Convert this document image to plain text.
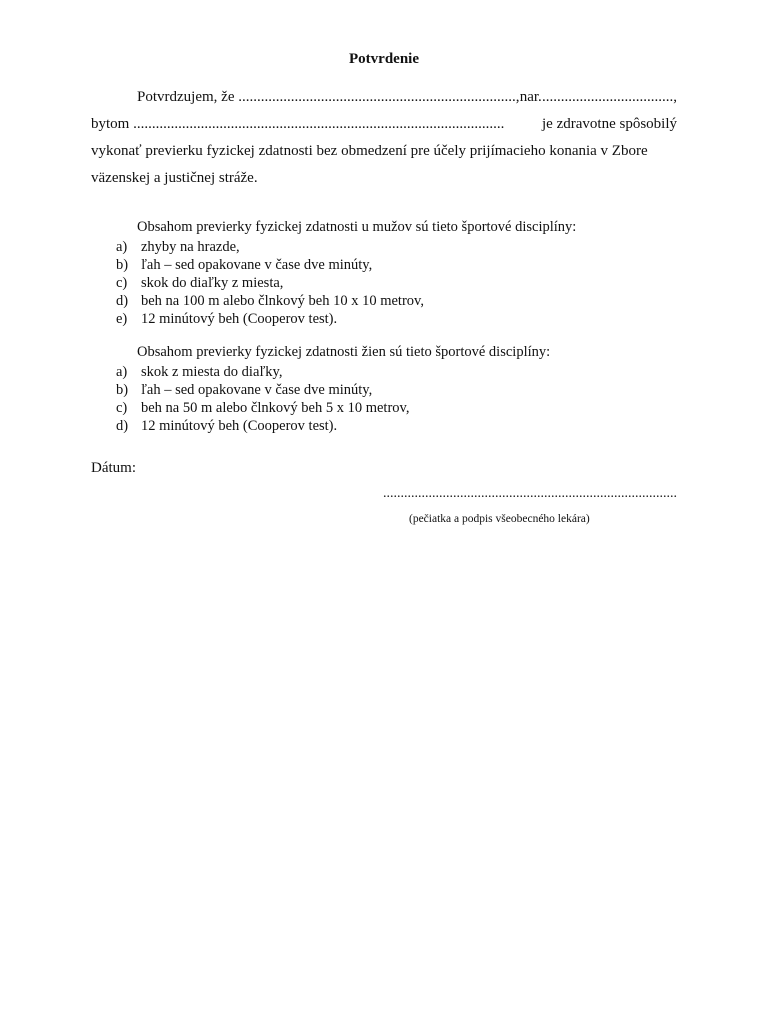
Potvrdenie
Potvrdzujem, že .........................................................................., nar. ...................................,
bytom ...................................................................................................	je zdravotne spôsobilý
vykonať previerku fyzickej zdatnosti bez obmedzení pre účely prijímacieho konania v Zbore
väzenskej a justičnej stráže.
Obsahom previerky fyzickej zdatnosti u mužov sú tieto športové disciplíny:
a) zhyby na hrazde,
b) ľah – sed opakovane v čase dve minúty,
c) skok do diaľky z miesta,
d) beh na 100 m alebo člnkový beh 10 x 10 metrov,
e) 12 minútový beh (Cooperov test).
Obsahom previerky fyzickej zdatnosti žien sú tieto športové disciplíny:
a) skok z miesta do diaľky,
b) ľah – sed opakovane v čase dve minúty,
c) beh na 50 m alebo člnkový beh 5 x 10 metrov,
d) 12 minútový beh (Cooperov test).
Dátum:
....................................................................................
(pečiatka a podpis všeobecného lekára)
